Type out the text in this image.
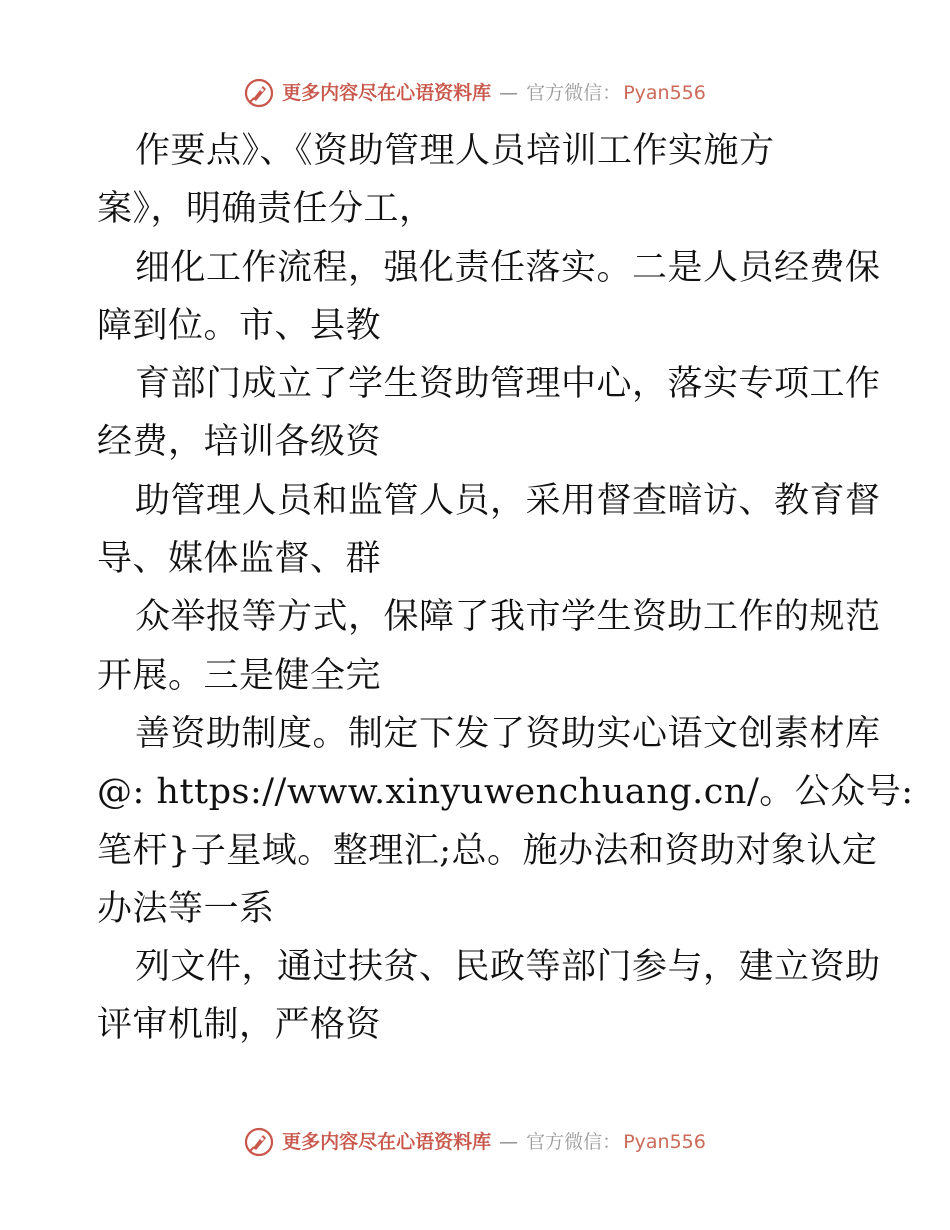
更多内容尽在心语资料库 — 官方微信： Pyan556
作要点》、《资助管理人员培训工作实施方
案》，明确责任分工，
细化工作流程，强化责任落实。二是人员经费保
障到位。市、县教
育部门成立了学生资助管理中心，落实专项工作
经费，培训各级资
助管理人员和监管人员，采用督查暗访、教育督
导、媒体监督、群
众举报等方式，保障了我市学生资助工作的规范
开展。三是健全完
善资助制度。制定下发了资助实心语文创素材库
@: https://www.xinyuwenchuang.cn/。公众号:
笔杆}子星域。整理汇;总。施办法和资助对象认定
办法等一系
列文件，通过扶贫、民政等部门参与，建立资助
评审机制，严格资
更多内容尽在心语资料库 — 官方微信： Pyan556
